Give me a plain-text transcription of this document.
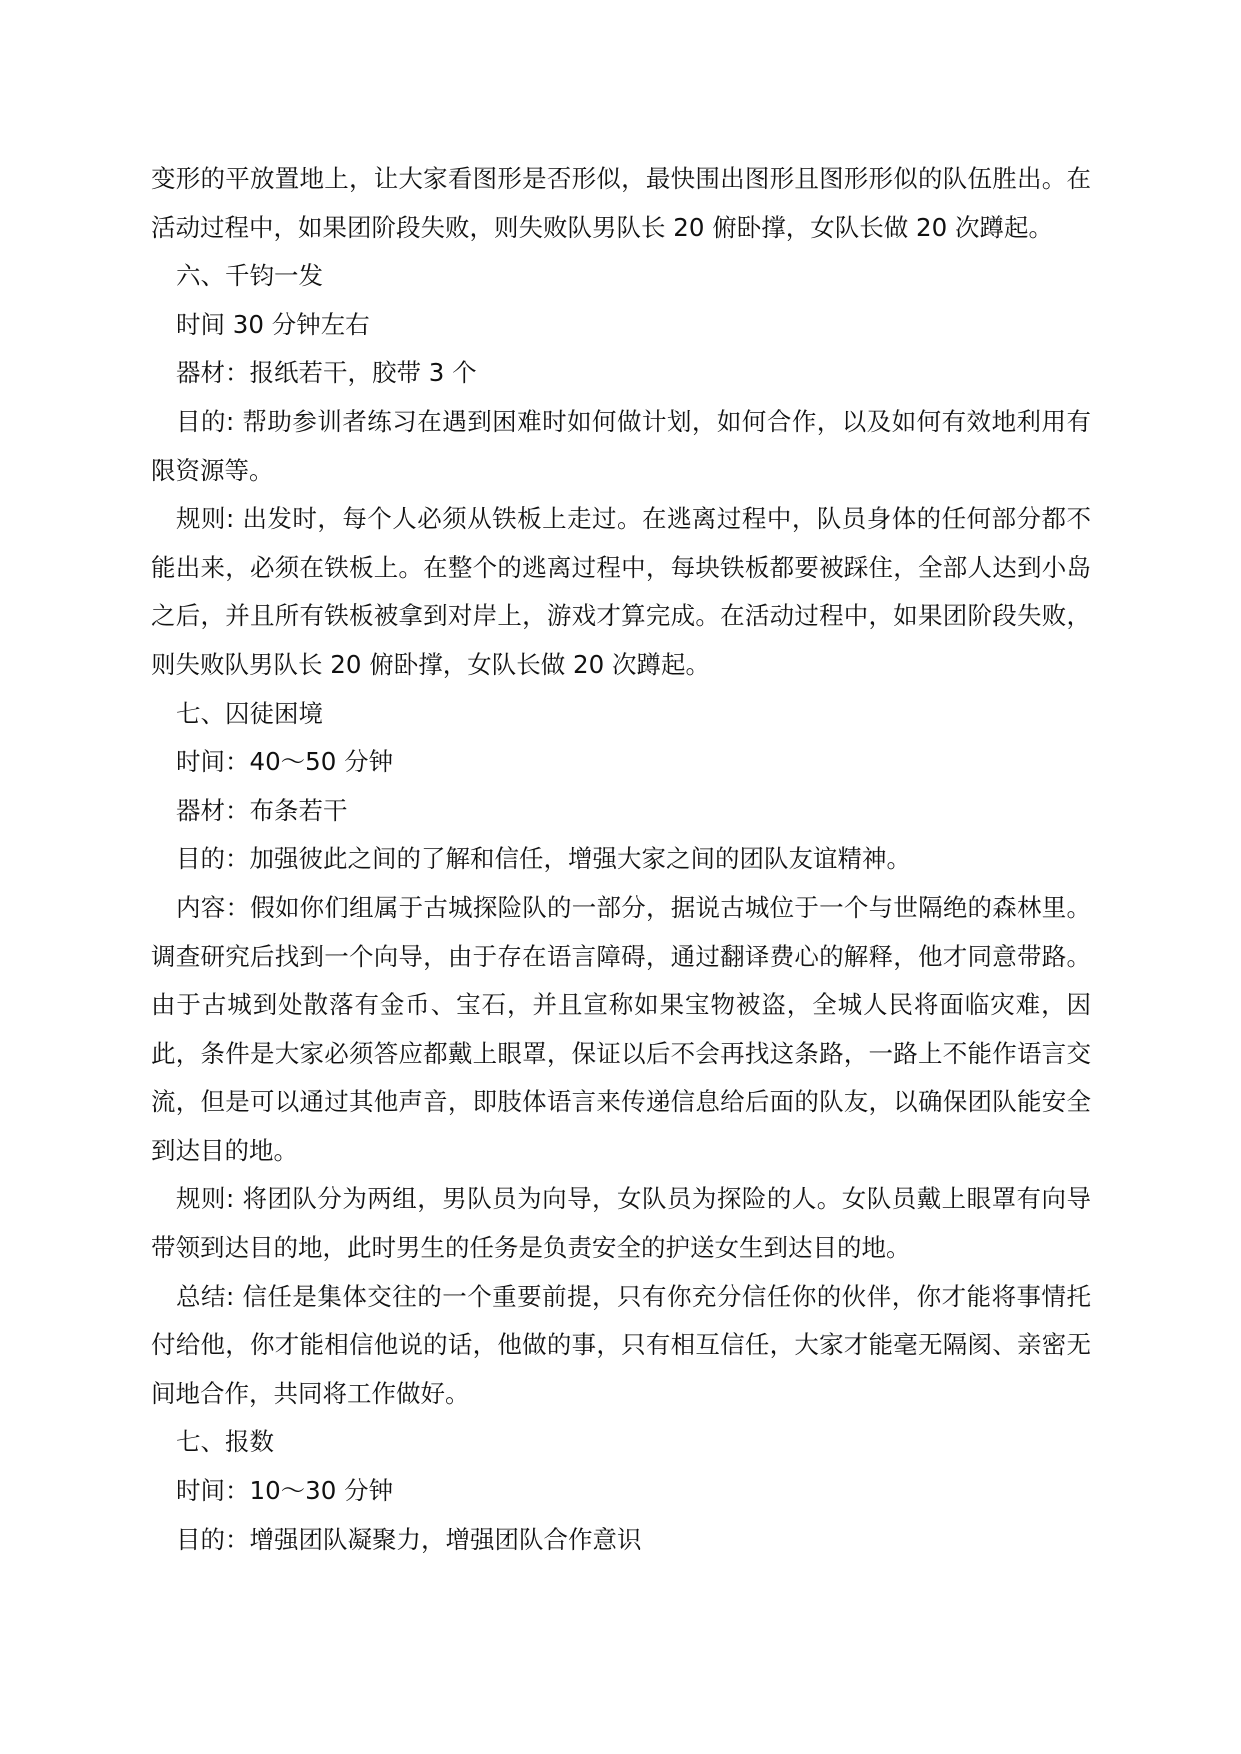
变形的平放置地上，让大家看图形是否形似，最快围出图形且图形形似的队伍胜出。在活动过程中，如果团阶段失败，则失败队男队长 20 俯卧撑，女队长做 20 次蹲起。

六、千钧一发

时间 30 分钟左右

器材：报纸若干，胶带 3 个

目的: 帮助参训者练习在遇到困难时如何做计划，如何合作，以及如何有效地利用有限资源等。

规则: 出发时，每个人必须从铁板上走过。在逃离过程中，队员身体的任何部分都不能出来，必须在铁板上。在整个的逃离过程中，每块铁板都要被踩住，全部人达到小岛之后，并且所有铁板被拿到对岸上，游戏才算完成。在活动过程中，如果团阶段失败，则失败队男队长 20 俯卧撑，女队长做 20 次蹲起。

七、囚徒困境

时间：40～50 分钟

器材：布条若干

目的：加强彼此之间的了解和信任，增强大家之间的团队友谊精神。

内容：假如你们组属于古城探险队的一部分，据说古城位于一个与世隔绝的森林里。调查研究后找到一个向导，由于存在语言障碍，通过翻译费心的解释，他才同意带路。由于古城到处散落有金币、宝石，并且宣称如果宝物被盗，全城人民将面临灾难，因此，条件是大家必须答应都戴上眼罩，保证以后不会再找这条路，一路上不能作语言交流，但是可以通过其他声音，即肢体语言来传递信息给后面的队友，以确保团队能安全到达目的地。

规则: 将团队分为两组，男队员为向导，女队员为探险的人。女队员戴上眼罩有向导带领到达目的地，此时男生的任务是负责安全的护送女生到达目的地。

总结: 信任是集体交往的一个重要前提，只有你充分信任你的伙伴，你才能将事情托付给他，你才能相信他说的话，他做的事，只有相互信任，大家才能毫无隔阂、亲密无间地合作，共同将工作做好。

七、报数

时间：10～30 分钟

目的：增强团队凝聚力，增强团队合作意识
